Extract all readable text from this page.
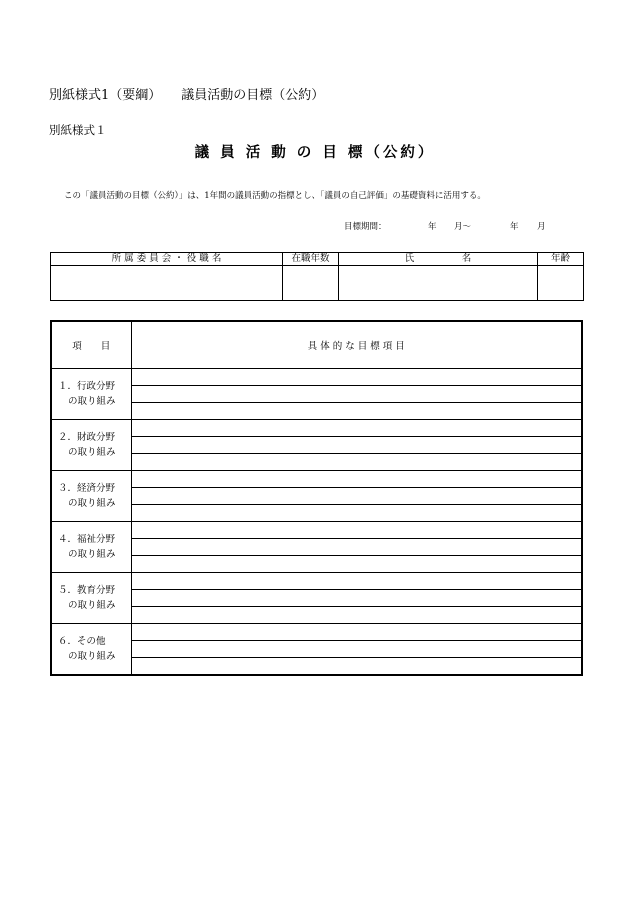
別紙様式1（要綱） 議員活動の目標（公約）
別紙様式１
議 員 活 動 の 目 標（公約）
この「議員活動の目標（公約）」は、1年間の議員活動の指標とし、「議員の自己評価」の基礎資料に活用する。
目標期間：	年 月～	年 月
所 属 委 員 会 ・ 役 職 名	在職年数	氏　　　　　名	年齢

項　　目	具 体 的 な 目 標 項 目

１．行政分野
の取り組み	

２．財政分野
の取り組み	

３．経済分野
の取り組み	

４．福祉分野
の取り組み	

５．教育分野
の取り組み	

６．その他
の取り組み	
